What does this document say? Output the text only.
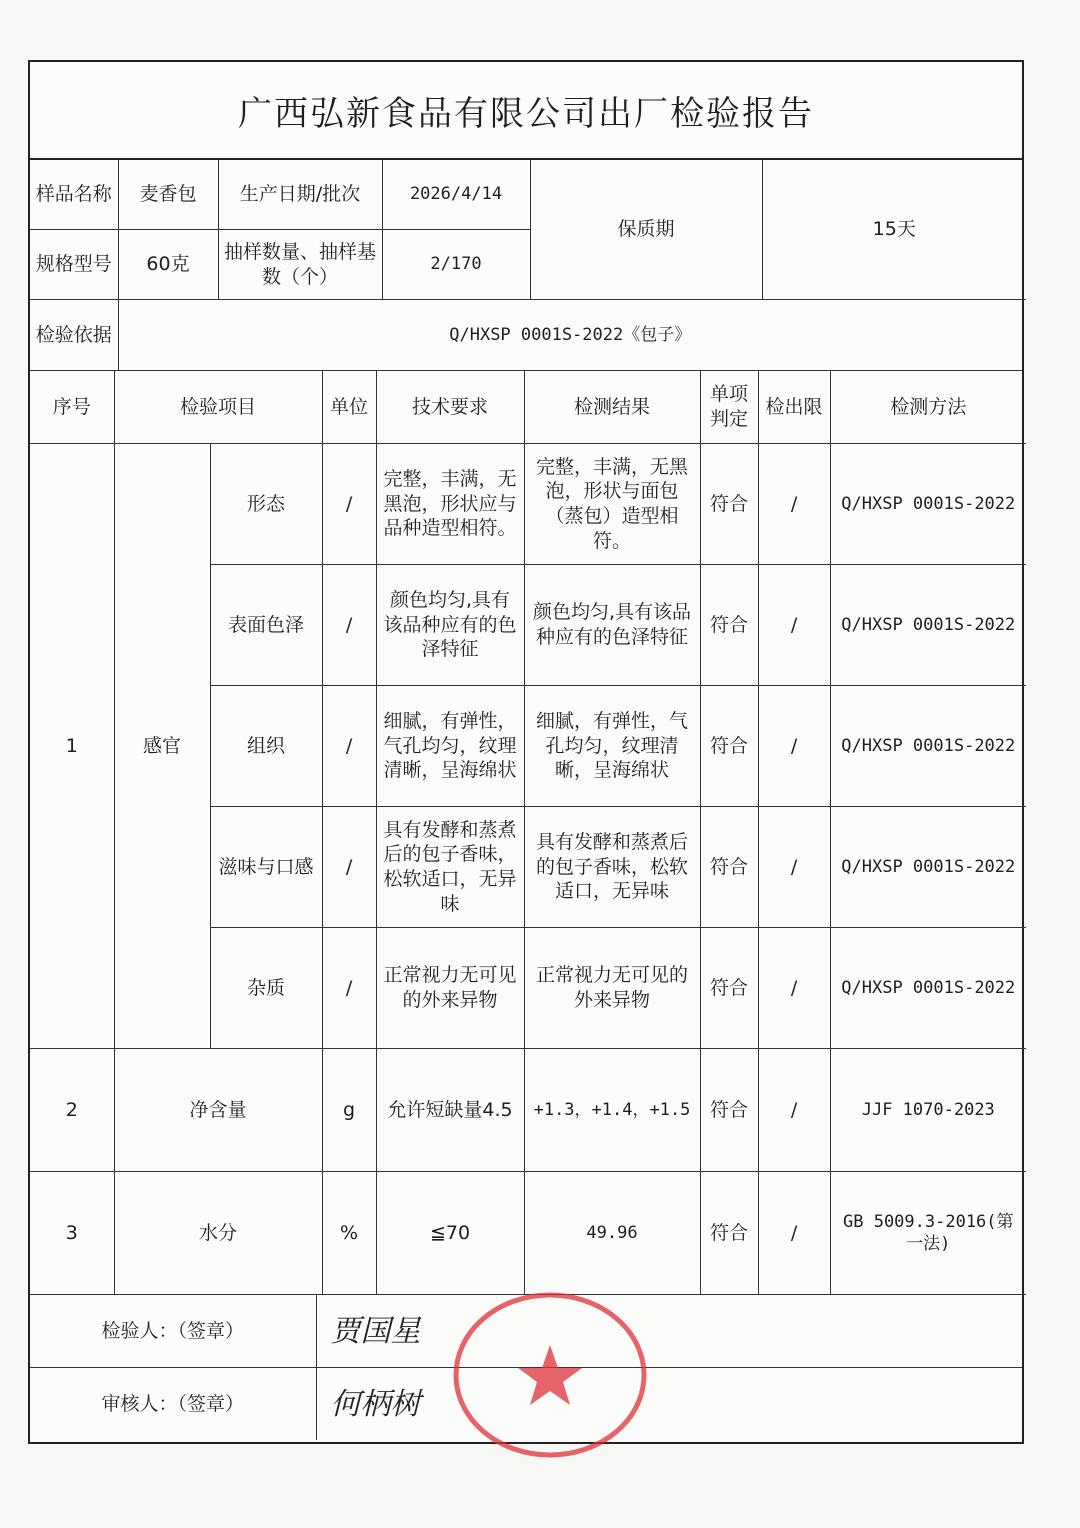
广西弘新食品有限公司出厂检验报告
样品名称	麦香包	生产日期/批次	2026/4/14	保质期	15天
规格型号	60克	抽样数量、抽样基数（个）	2/170		
检验依据	Q/HXSP 0001S-2022《包子》
序号	检验项目		单位	技术要求	检测结果	单项判定	检出限	检测方法
1	感官	形态	/	完整，丰满，无黑泡，形状应与品种造型相符。	完整，丰满，无黑泡，形状与面包（蒸包）造型相符。	符合	/	Q/HXSP 0001S-2022
		表面色泽	/	颜色均匀,具有该品种应有的色泽特征	颜色均匀,具有该品种应有的色泽特征	符合	/	Q/HXSP 0001S-2022
		组织	/	细腻，有弹性，气孔均匀，纹理清晰，呈海绵状	细腻，有弹性，气孔均匀，纹理清晰，呈海绵状	符合	/	Q/HXSP 0001S-2022
		滋味与口感	/	具有发酵和蒸煮后的包子香味，松软适口，无异味	具有发酵和蒸煮后的包子香味，松软适口，无异味	符合	/	Q/HXSP 0001S-2022
		杂质	/	正常视力无可见的外来异物	正常视力无可见的外来异物	符合	/	Q/HXSP 0001S-2022
2	净含量		g	允许短缺量4.5	+1.3，+1.4，+1.5	符合	/	JJF 1070-2023
3	水分		%	≦70	49.96	符合	/	GB 5009.3-2016(第一法)
检验人：（签章）	贾国星
审核人：（签章）	何柄树
